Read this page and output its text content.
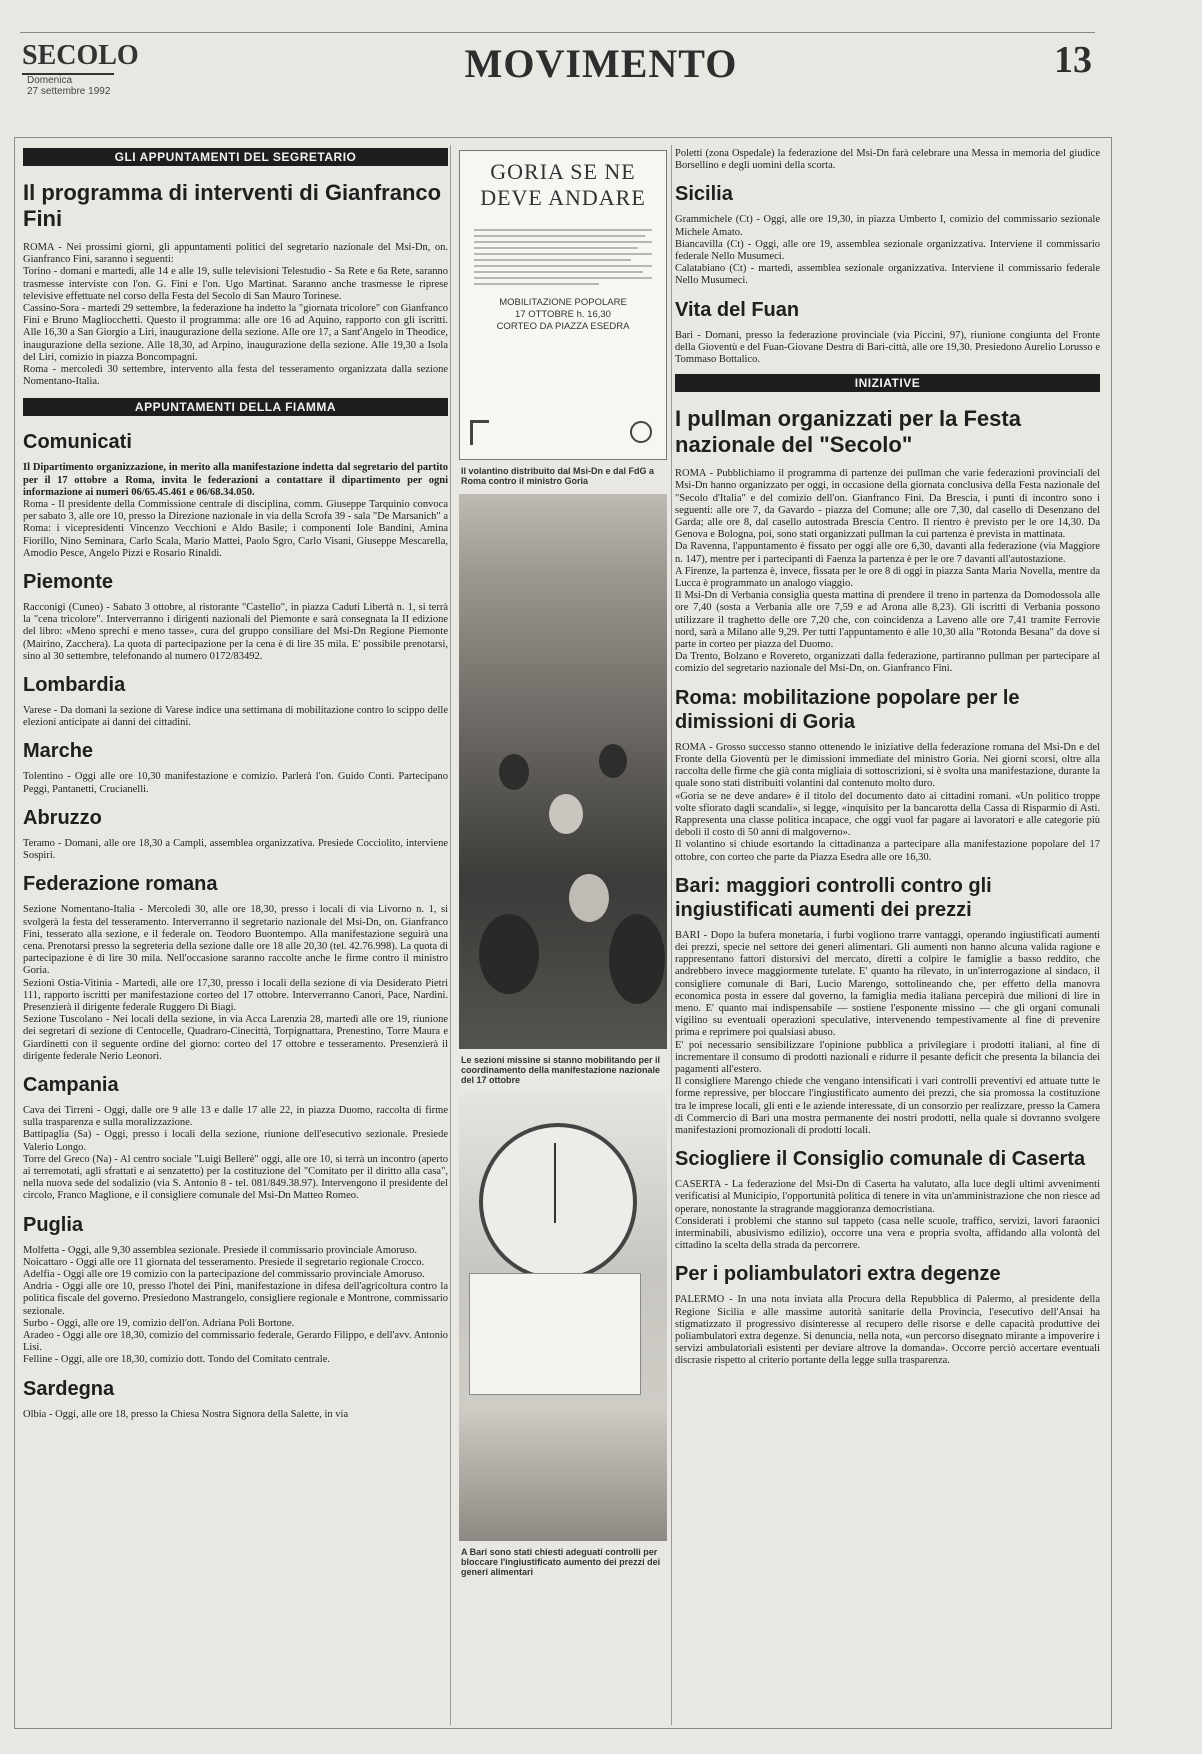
SECOLO
Domenica
27 settembre 1992
MOVIMENTO	13
GLI APPUNTAMENTI DEL SEGRETARIO
Il programma di interventi di Gianfranco Fini

ROMA - Nei prossimi giorni, gli appuntamenti politici del segretario nazionale del Msi-Dn, on. Gianfranco Fini, saranno i seguenti:

Torino - domani e martedì, alle 14 e alle 19, sulle televisioni Telestudio - Sa Rete e 6a Rete, saranno trasmesse interviste con l'on. G. Fini e l'on. Ugo Martinat. Saranno anche trasmesse le riprese televisive effettuate nel corso della Festa del Secolo di San Mauro Torinese.

Cassino-Sora - martedì 29 settembre, la federazione ha indetto la "giornata tricolore" con Gianfranco Fini e Bruno Magliocchetti. Questo il programma: alle ore 16 ad Aquino, rapporto con gli iscritti. Alle 16,30 a San Giorgio a Liri, inaugurazione della sezione. Alle ore 17, a Sant'Angelo in Theodice, inaugurazione della sezione. Alle 18,30, ad Arpino, inaugurazione della sezione. Alle 19,30 a Isola del Liri, comizio in piazza Boncompagni.

Roma - mercoledì 30 settembre, intervento alla festa del tesseramento organizzata dalla sezione Nomentano-Italia.

APPUNTAMENTI DELLA FIAMMA
Comunicati

Il Dipartimento organizzazione, in merito alla manifestazione indetta dal segretario del partito per il 17 ottobre a Roma, invita le federazioni a contattare il dipartimento per ogni informazione ai numeri 06/65.45.461 e 06/68.34.050.

Roma - Il presidente della Commissione centrale di disciplina, comm. Giuseppe Tarquinio convoca per sabato 3, alle ore 10, presso la Direzione nazionale in via della Scrofa 39 - sala "De Marsanich" a Roma: i vicepresidenti Vincenzo Vecchioni e Aldo Basile; i componenti Iole Bandini, Amina Fiorillo, Nino Seminara, Carlo Scala, Mario Mattei, Paolo Sgro, Carlo Visani, Giuseppe Mescarella, Amodio Pesce, Angelo Pizzi e Rosario Rinaldi.

Piemonte

Racconigi (Cuneo) - Sabato 3 ottobre, al ristorante "Castello", in piazza Caduti Libertà n. 1, si terrà la "cena tricolore". Interverranno i dirigenti nazionali del Piemonte e sarà consegnata la II edizione del libro: «Meno sprechi e meno tasse», cura del gruppo consiliare del Msi-Dn Regione Piemonte (Mairino, Zacchera). La quota di partecipazione per la cena è di lire 35 mila. E' possibile prenotarsi, sino al 30 settembre, telefonando al numero 0172/83492.

Lombardia

Varese - Da domani la sezione di Varese indice una settimana di mobilitazione contro lo scippo delle elezioni anticipate ai danni dei cittadini.

Marche

Tolentino - Oggi alle ore 10,30 manifestazione e comizio. Parlerà l'on. Guido Conti. Partecipano Peggi, Pantanetti, Crucianelli.

Abruzzo

Teramo - Domani, alle ore 18,30 a Campli, assemblea organizzativa. Presiede Cocciolito, interviene Sospiri.

Federazione romana

Sezione Nomentano-Italia - Mercoledì 30, alle ore 18,30, presso i locali di via Livorno n. 1, si svolgerà la festa del tesseramento. Interverranno il segretario nazionale del Msi-Dn, on. Gianfranco Fini, tesserato alla sezione, e il federale on. Teodoro Buontempo. Alla manifestazione seguirà una cena. Prenotarsi presso la segreteria della sezione dalle ore 18 alle 20,30 (tel. 42.76.998). La quota di partecipazione è di lire 30 mila. Nell'occasione saranno raccolte anche le firme contro il ministro Goria.

Sezioni Ostia-Vitinia - Martedì, alle ore 17,30, presso i locali della sezione di via Desiderato Pietri 111, rapporto iscritti per manifestazione corteo del 17 ottobre. Interverranno Canori, Pace, Nardini. Presenzierà il dirigente federale Ruggero Di Biagi.

Sezione Tuscolano - Nei locali della sezione, in via Acca Larenzia 28, martedì alle ore 19, riunione dei segretari di sezione di Centocelle, Quadraro-Cinecittà, Torpignattara, Prenestino, Torre Maura e Giardinetti con il seguente ordine del giorno: corteo del 17 ottobre e tesseramento. Presenzierà il dirigente federale Nerio Leonori.

Campania

Cava dei Tirreni - Oggi, dalle ore 9 alle 13 e dalle 17 alle 22, in piazza Duomo, raccolta di firme sulla trasparenza e sulla moralizzazione.

Battipaglia (Sa) - Oggi, presso i locali della sezione, riunione dell'esecutivo sezionale. Presiede Valerio Longo.

Torre del Greco (Na) - Al centro sociale "Luigi Bellerè" oggi, alle ore 10, si terrà un incontro (aperto ai terremotati, agli sfrattati e ai senzatetto) per la costituzione del "Comitato per il diritto alla casa", nella nuova sede del sodalizio (via S. Antonio 8 - tel. 081/849.38.97). Intervengono il presidente del circolo, Franco Maglione, e il consigliere comunale del Msi-Dn Matteo Romeo.

Puglia

Molfetta - Oggi, alle 9,30 assemblea sezionale. Presiede il commissario provinciale Amoruso.

Noicattaro - Oggi alle ore 11 giornata del tesseramento. Presiede il segretario regionale Crocco.

Adelfia - Oggi alle ore 19 comizio con la partecipazione del commissario provinciale Amoruso.

Andria - Oggi alle ore 10, presso l'hotel dei Pini, manifestazione in difesa dell'agricoltura contro la politica fiscale del governo. Presiedono Mastrangelo, consigliere regionale e Montrone, commissario sezionale.

Surbo - Oggi, alle ore 19, comizio dell'on. Adriana Poli Bortone.

Aradeo - Oggi alle ore 18,30, comizio del commissario federale, Gerardo Filippo, e dell'avv. Antonio Lisi.

Felline - Oggi, alle ore 18,30, comizio dott. Tondo del Comitato centrale.

Sardegna

Olbia - Oggi, alle ore 18, presso la Chiesa Nostra Signora della Salette, in via

GORIA SE NE DEVE ANDARE
MOBILITAZIONE POPOLARE
17 OTTOBRE h. 16,30
CORTEO DA PIAZZA ESEDRA
Il volantino distribuito dal Msi-Dn e dal FdG a Roma contro il ministro Goria
Le sezioni missine si stanno mobilitando per il coordinamento della manifestazione nazionale del 17 ottobre
A Bari sono stati chiesti adeguati controlli per bloccare l'ingiustificato aumento dei prezzi dei generi alimentari

Poletti (zona Ospedale) la federazione del Msi-Dn farà celebrare una Messa in memoria del giudice Borsellino e degli uomini della scorta.

Sicilia

Grammichele (Ct) - Oggi, alle ore 19,30, in piazza Umberto I, comizio del commissario sezionale Michele Amato.

Biancavilla (Ct) - Oggi, alle ore 19, assemblea sezionale organizzativa. Interviene il commissario federale Nello Musumeci.

Calatabiano (Ct) - martedì, assemblea sezionale organizzativa. Interviene il commissario federale Nello Musumeci.

Vita del Fuan

Bari - Domani, presso la federazione provinciale (via Piccini, 97), riunione congiunta del Fronte della Gioventù e del Fuan-Giovane Destra di Bari-città, alle ore 19,30. Presiedono Aurelio Lorusso e Tommaso Bottalico.

INIZIATIVE
I pullman organizzati per la Festa nazionale del "Secolo"

ROMA - Pubblichiamo il programma di partenze dei pullman che varie federazioni provinciali del Msi-Dn hanno organizzato per oggi, in occasione della giornata conclusiva della Festa nazionale del "Secolo d'Italia" e del comizio dell'on. Gianfranco Fini. Da Brescia, i punti di incontro sono i seguenti: alle ore 7, da Gavardo - piazza del Comune; alle ore 7,30, dal casello di Desenzano del Garda; alle ore 8, dal casello autostrada Brescia Centro. Il rientro è previsto per le ore 14,30. Da Genova e Bologna, poi, sono stati organizzati pullman la cui partenza è prevista in mattinata.

Da Ravenna, l'appuntamento è fissato per oggi alle ore 6,30, davanti alla federazione (via Maggiore n. 147), mentre per i partecipanti di Faenza la partenza è per le ore 7 davanti all'autostazione.

A Firenze, la partenza è, invece, fissata per le ore 8 di oggi in piazza Santa Maria Novella, mentre da Lucca è programmato un analogo viaggio.

Il Msi-Dn di Verbania consiglia questa mattina di prendere il treno in partenza da Domodossola alle ore 7,40 (sosta a Verbania alle ore 7,59 e ad Arona alle 8,23). Gli iscritti di Verbania possono utilizzare il traghetto delle ore 7,20 che, con coincidenza a Laveno alle ore 7,41 tramite Ferrovie nord, sarà a Milano alle 9,29. Per tutti l'appuntamento è alle 10,30 alla "Rotonda Besana" da dove si parte in corteo per piazza del Duomo.

Da Trento, Bolzano e Rovereto, organizzati dalla federazione, partiranno pullman per partecipare al comizio del segretario nazionale del Msi-Dn, on. Gianfranco Fini.

Roma: mobilitazione popolare per le dimissioni di Goria

ROMA - Grosso successo stanno ottenendo le iniziative della federazione romana del Msi-Dn e del Fronte della Gioventù per le dimissioni immediate del ministro Goria. Nei giorni scorsi, oltre alla raccolta delle firme che già conta migliaia di sottoscrizioni, si è svolta una manifestazione, durante la quale sono stati distribuiti volantini dal contenuto molto duro.

«Goria se ne deve andare» è il titolo del documento dato ai cittadini romani. «Un politico troppe volte sfiorato dagli scandali», si legge, «inquisito per la bancarotta della Cassa di Risparmio di Asti. Rappresenta una classe politica incapace, che oggi vuol far pagare ai lavoratori e alle categorie più deboli il costo di 50 anni di malgoverno».

Il volantino si chiude esortando la cittadinanza a partecipare alla manifestazione popolare del 17 ottobre, con corteo che parte da Piazza Esedra alle ore 16,30.

Bari: maggiori controlli contro gli ingiustificati aumenti dei prezzi

BARI - Dopo la bufera monetaria, i furbi vogliono trarre vantaggi, operando ingiustificati aumenti dei prezzi, specie nel settore dei generi alimentari. Gli aumenti non hanno alcuna valida ragione e rappresentano fattori distorsivi del mercato, diretti a colpire le famiglie a basso reddito, che andrebbero invece maggiormente tutelate. E' quanto ha rilevato, in un'interrogazione al sindaco, il consigliere comunale di Bari, Lucio Marengo, sottolineando che, per effetto della manovra economica posta in essere dal governo, la famiglia media italiana percepirà due milioni di lire in meno. E' quanto mai indispensabile — sostiene l'esponente missino — che gli organi comunali vigilino su eventuali operazioni speculative, intervenendo tempestivamente al fine di prevenire prima e reprimere poi qualsiasi abuso.

E' poi necessario sensibilizzare l'opinione pubblica a privilegiare i prodotti italiani, al fine di incrementare il consumo di prodotti nazionali e ridurre il pesante deficit che presenta la bilancia dei pagamenti all'estero.

Il consigliere Marengo chiede che vengano intensificati i vari controlli preventivi ed attuate tutte le forme repressive, per bloccare l'ingiustificato aumento dei prezzi, che sia promossa la costituzione tra le imprese locali, gli enti e le aziende interessate, di un consorzio per realizzare, presso la Camera di Commercio di Bari una mostra permanente dei nostri prodotti, nella quale si dovranno svolgere manifestazioni promozionali di prodotti locali.

Sciogliere il Consiglio comunale di Caserta

CASERTA - La federazione del Msi-Dn di Caserta ha valutato, alla luce degli ultimi avvenimenti verificatisi al Municipio, l'opportunità politica di tenere in vita un'amministrazione che non riesce ad operare, nonostante la stragrande maggioranza democristiana.

Considerati i problemi che stanno sul tappeto (casa nelle scuole, traffico, servizi, lavori faraonici interminabili, abusivismo edilizio), occorre una vera e propria svolta, affidando alla volontà del cittadino la scelta della strada da percorrere.

Per i poliambulatori extra degenze

PALERMO - In una nota inviata alla Procura della Repubblica di Palermo, al presidente della Regione Sicilia e alle massime autorità sanitarie della Provincia, l'esecutivo dell'Ansai ha stigmatizzato il progressivo disinteresse al recupero delle risorse e delle capacità produttive dei poliambulatori extra degenze. Si denuncia, nella nota, «un percorso disegnato mirante a impoverire i servizi ambulatoriali esistenti per deviare altrove la domanda». Occorre perciò accertare eventuali discrasie rispetto al criterio portante della legge sulla trasparenza.
